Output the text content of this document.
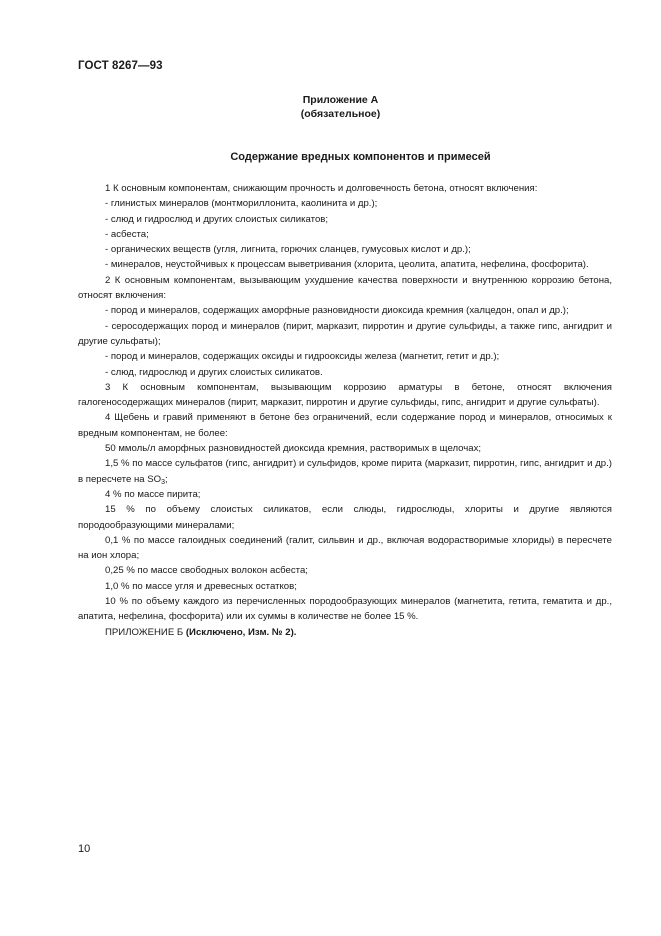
ГОСТ 8267—93
Приложение А
(обязательное)
Содержание вредных компонентов и примесей

1 К основным компонентам, снижающим прочность и долговечность бетона, относят включения:

- глинистых минералов (монтмориллонита, каолинита и др.);

- слюд и гидрослюд и других слоистых силикатов;

- асбеста;

- органических веществ (угля, лигнита, горючих сланцев, гумусовых кислот и др.);

- минералов, неустойчивых к процессам выветривания (хлорита, цеолита, апатита, нефелина, фосфорита).

2 К основным компонентам, вызывающим ухудшение качества поверхности и внутреннюю коррозию бетона, относят включения:

- пород и минералов, содержащих аморфные разновидности диоксида кремния (халцедон, опал и др.);

- серосодержащих пород и минералов (пирит, марказит, пирротин и другие сульфиды, а также гипс, ангидрит и другие сульфаты);

- пород и минералов, содержащих оксиды и гидрооксиды железа (магнетит, гетит и др.);

- слюд, гидрослюд и других слоистых силикатов.

3 К основным компонентам, вызывающим коррозию арматуры в бетоне, относят включения галогеносодержащих минералов (пирит, марказит, пирротин и другие сульфиды, гипс, ангидрит и другие сульфаты).

4 Щебень и гравий применяют в бетоне без ограничений, если содержание пород и минералов, относимых к вредным компонентам, не более:

50 ммоль/л аморфных разновидностей диоксида кремния, растворимых в щелочах;

1,5 % по массе сульфатов (гипс, ангидрит) и сульфидов, кроме пирита (марказит, пирротин, гипс, ангидрит и др.) в пересчете на $SO_3$;

4 % по массе пирита;

15 % по объему слоистых силикатов, если слюды, гидрослюды, хлориты и другие являются породообразующими минералами;

0,1 % по массе галоидных соединений (галит, сильвин и др., включая водорастворимые хлориды) в пересчете на ион хлора;

0,25 % по массе свободных волокон асбеста;

1,0 % по массе угля и древесных остатков;

10 % по объему каждого из перечисленных породообразующих минералов (магнетита, гетита, гематита и др., апатита, нефелина, фосфорита) или их суммы в количестве не более 15 %.

ПРИЛОЖЕНИЕ Б (Исключено, Изм. № 2).

10
